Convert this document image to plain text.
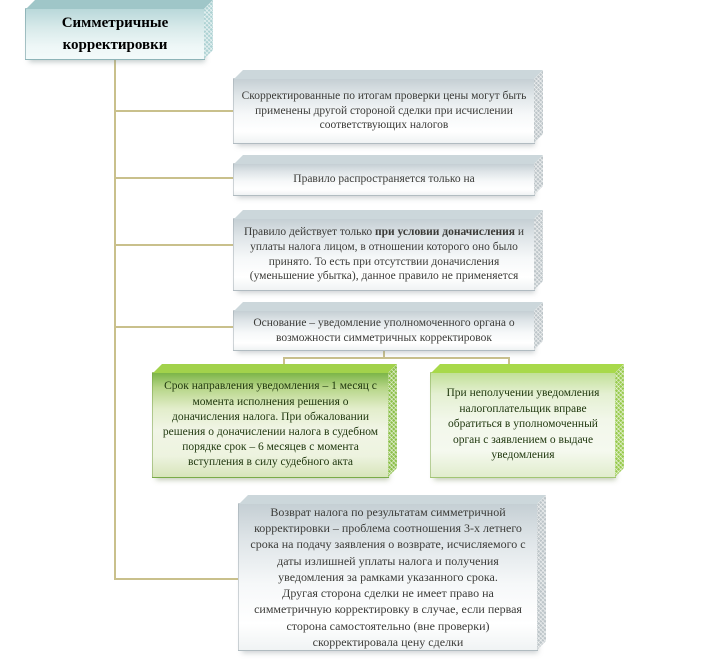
Симметричные корректировки
Скорректированные по итогам проверки цены могут быть применены другой стороной сделки при исчислении соответствующих налогов
Правило распространяется только на
Правило действует только при условии доначисления и уплаты налога лицом, в отношении которого оно было принято. То есть при отсутствии доначисления (уменьшение убытка), данное правило не применяется
Основание – уведомление уполномоченного органа о возможности симметричных корректировок
Срок направления уведомления – 1 месяц с момента исполнения решения о доначисления налога. При обжаловании решения о доначислении налога в судебном порядке срок – 6 месяцев с момента вступления в силу судебного акта
При неполучении уведомления налогоплательщик вправе обратиться в уполномоченный орган с заявлением о выдаче уведомления
Возврат налога по результатам симметричной корректировки – проблема соотношения 3-х летнего срока на подачу заявления о возврате, исчисляемого с даты излишней уплаты налога и получения уведомления за рамками указанного срока.
Другая сторона сделки не имеет право на симметричную корректировку в случае, если первая сторона самостоятельно (вне проверки) скорректировала цену сделки
